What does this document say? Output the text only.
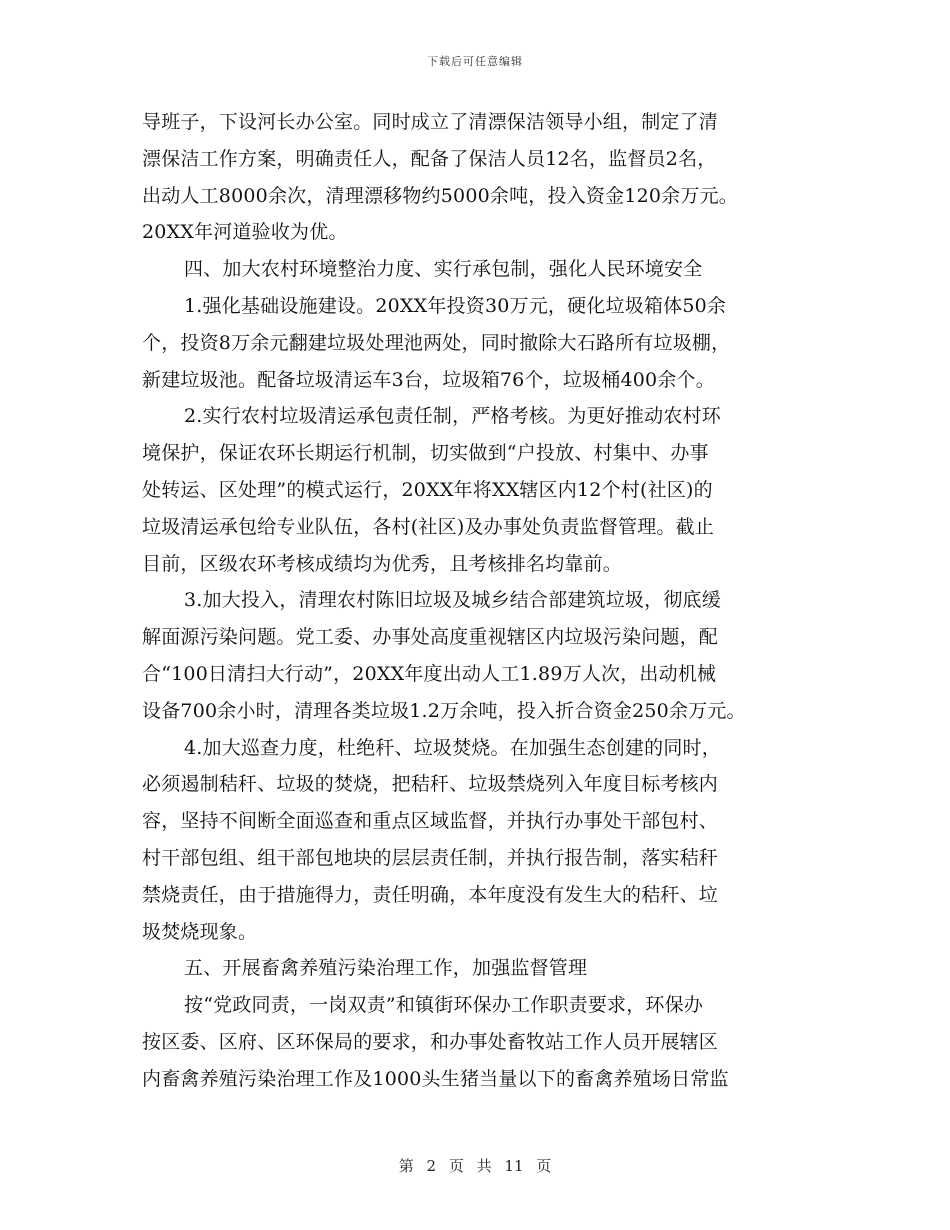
下载后可任意编辑
导班子，下设河长办公室。同时成立了清漂保洁领导小组，制定了清
漂保洁工作方案，明确责任人，配备了保洁人员12名，监督员2名，
出动人工8000余次，清理漂移物约5000余吨，投入资金120余万元。
20XX年河道验收为优。
四、加大农村环境整治力度、实行承包制，强化人民环境安全
1.强化基础设施建设。20XX年投资30万元，硬化垃圾箱体50余
个，投资8万余元翻建垃圾处理池两处，同时撤除大石路所有垃圾棚，
新建垃圾池。配备垃圾清运车3台，垃圾箱76个，垃圾桶400余个。
2.实行农村垃圾清运承包责任制，严格考核。为更好推动农村环
境保护，保证农环长期运行机制，切实做到“户投放、村集中、办事
处转运、区处理”的模式运行，20XX年将XX辖区内12个村(社区)的
垃圾清运承包给专业队伍，各村(社区)及办事处负责监督管理。截止
目前，区级农环考核成绩均为优秀，且考核排名均靠前。
3.加大投入，清理农村陈旧垃圾及城乡结合部建筑垃圾，彻底缓
解面源污染问题。党工委、办事处高度重视辖区内垃圾污染问题，配
合“100日清扫大行动”，20XX年度出动人工1.89万人次，出动机械
设备700余小时，清理各类垃圾1.2万余吨，投入折合资金250余万元。
4.加大巡查力度，杜绝秆、垃圾焚烧。在加强生态创建的同时，
必须遏制秸秆、垃圾的焚烧，把秸秆、垃圾禁烧列入年度目标考核内
容，坚持不间断全面巡查和重点区域监督，并执行办事处干部包村、
村干部包组、组干部包地块的层层责任制，并执行报告制，落实秸秆
禁烧责任，由于措施得力，责任明确，本年度没有发生大的秸秆、垃
圾焚烧现象。
五、开展畜禽养殖污染治理工作，加强监督管理
按“党政同责，一岗双责”和镇街环保办工作职责要求，环保办
按区委、区府、区环保局的要求，和办事处畜牧站工作人员开展辖区
内畜禽养殖污染治理工作及1000头生猪当量以下的畜禽养殖场日常监
第 2 页 共 11 页
